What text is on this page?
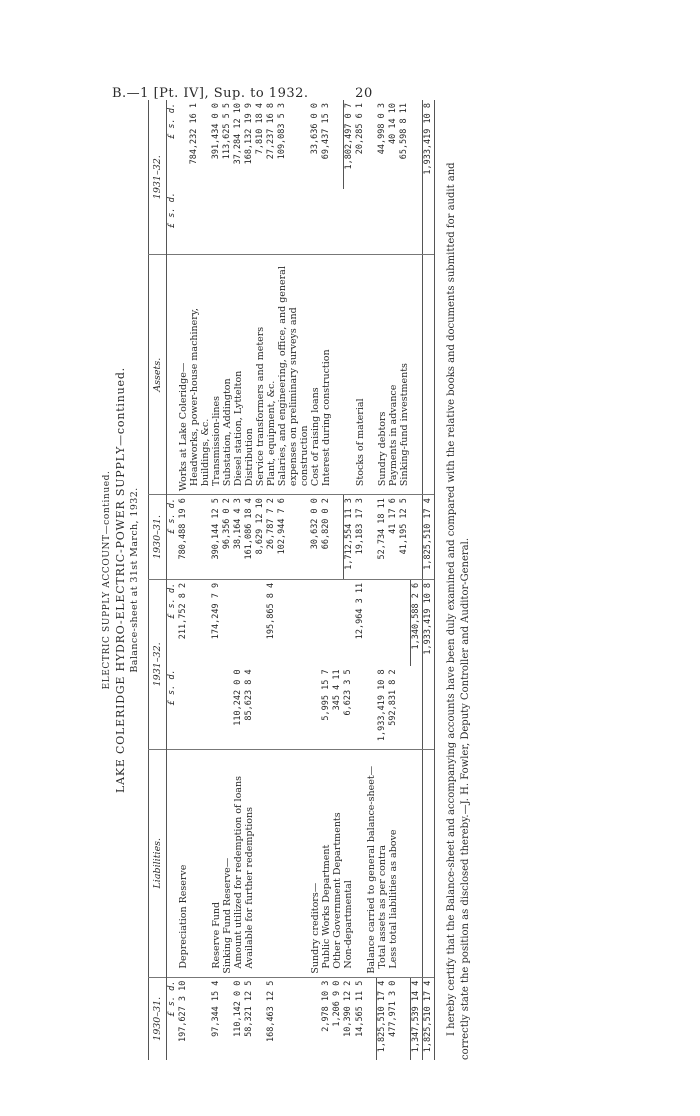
B.—1 [Pt. IV], Sup. to 1932.	20
ELECTRIC SUPPLY ACCOUNT—continued. LAKE COLERIDGE HYDRO-ELECTRIC-POWER SUPPLY—continued. Balance-sheet at 31st March, 1932.
1930–31.	Liabilities.	1931–32.		1930–31.	Assets.	1931–32.	
£ s. d.		£ s. d.	£ s. d.	£ s. d.		£ s. d.	£ s. d.
197,627 3 10	Depreciation Reserve		211,752 8 2	780,488 19 6	Works at Lake Coleridge—		
					Headworks, power-house machinery, buildings, &c.		784,232 16 1
97,344 15 4	Reserve Fund		174,249 7 9	390,144 12 5	Transmission-lines		391,434 0 0
	Sinking Fund Reserve—			96,356 0 2	Substation, Addington		113,625 5 5
110,142 0 0	Amount utilized for redemption of loans	110,242 0 0		38,164 4 3	Diesel station, Lyttelton		37,284 12 10
58,321 12 5	Available for further redemptions	85,623 8 4		161,086 18 4	Distribution		168,132 19 9
				8,629 12 10	Service transformers and meters		7,810 18 4
168,463 12 5			195,865 8 4	26,787 7 2	Plant, equipment, &c.		27,237 16 8
				102,944 7 6	Salaries, and engineering, office, and general expenses on preliminary surveys and construction		109,083 5 3
	Sundry creditors—			30,632 0 0	Cost of raising loans		33,636 0 0
2,978 10 3	Public Works Department	5,995 15 7		66,820 0 2	Interest during construction		69,437 15 3
1,206 9 0	Other Government Departments	345 4 11					
10,390 12 2	Non-departmental	6,623 3 5		1,712,554 11 3			1,802,497 0 7
14,565 11 5			12,964 3 11	19,183 17 3	Stocks of material		20,285 6 1
	Balance carried to general balance-sheet—						
1,825,510 17 4	Total assets as per contra	1,933,419 10 8		52,734 18 11	Sundry debtors		44,998 0 3
477,971 3 0	Less total liabilities as above	592,831 8 2		41 17 6	Payments in advance		40 14 10
				41,195 12 5	Sinking-fund investments		65,598 8 11
1,347,539 14 4			1,340,588 2 6				
1,825,510 17 4			1,933,419 10 8	1,825,510 17 4			1,933,419 10 8
I hereby certify that the Balance-sheet and accompanying accounts have been duly examined and compared with the relative books and documents submitted for audit and correctly state the position as disclosed thereby.—J. H. Fowler, Deputy Controller and Auditor-General.
